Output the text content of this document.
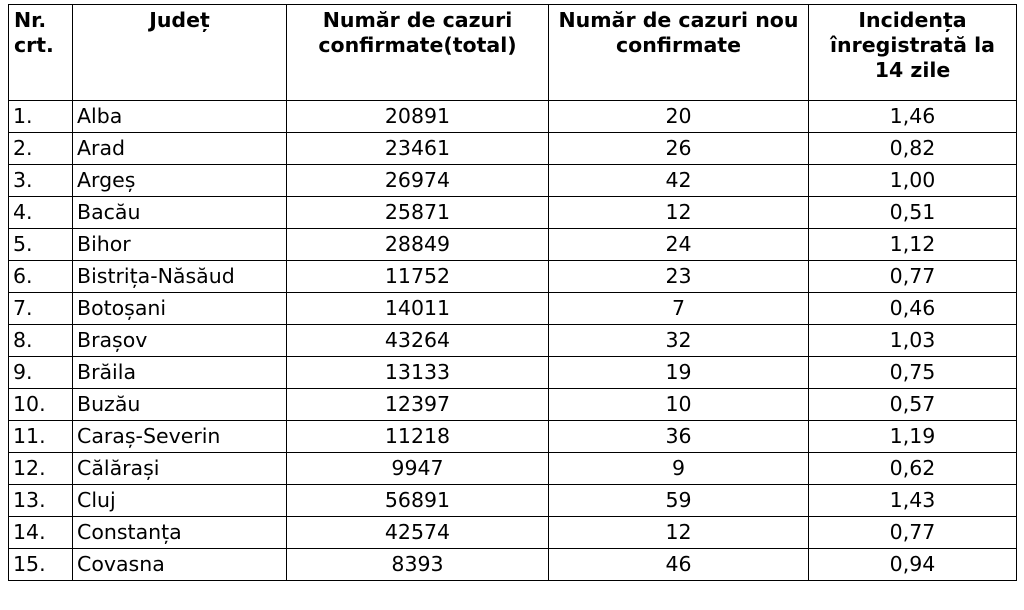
Nr. crt.	Județ	Număr de cazuri confirmate(total)	Număr de cazuri nou confirmate	Incidența înregistrată la 14 zile
1.	Alba	20891	20	1,46
2.	Arad	23461	26	0,82
3.	Argeș	26974	42	1,00
4.	Bacău	25871	12	0,51
5.	Bihor	28849	24	1,12
6.	Bistrița-Năsăud	11752	23	0,77
7.	Botoșani	14011	7	0,46
8.	Brașov	43264	32	1,03
9.	Brăila	13133	19	0,75
10.	Buzău	12397	10	0,57
11.	Caraș-Severin	11218	36	1,19
12.	Călărași	9947	9	0,62
13.	Cluj	56891	59	1,43
14.	Constanța	42574	12	0,77
15.	Covasna	8393	46	0,94
